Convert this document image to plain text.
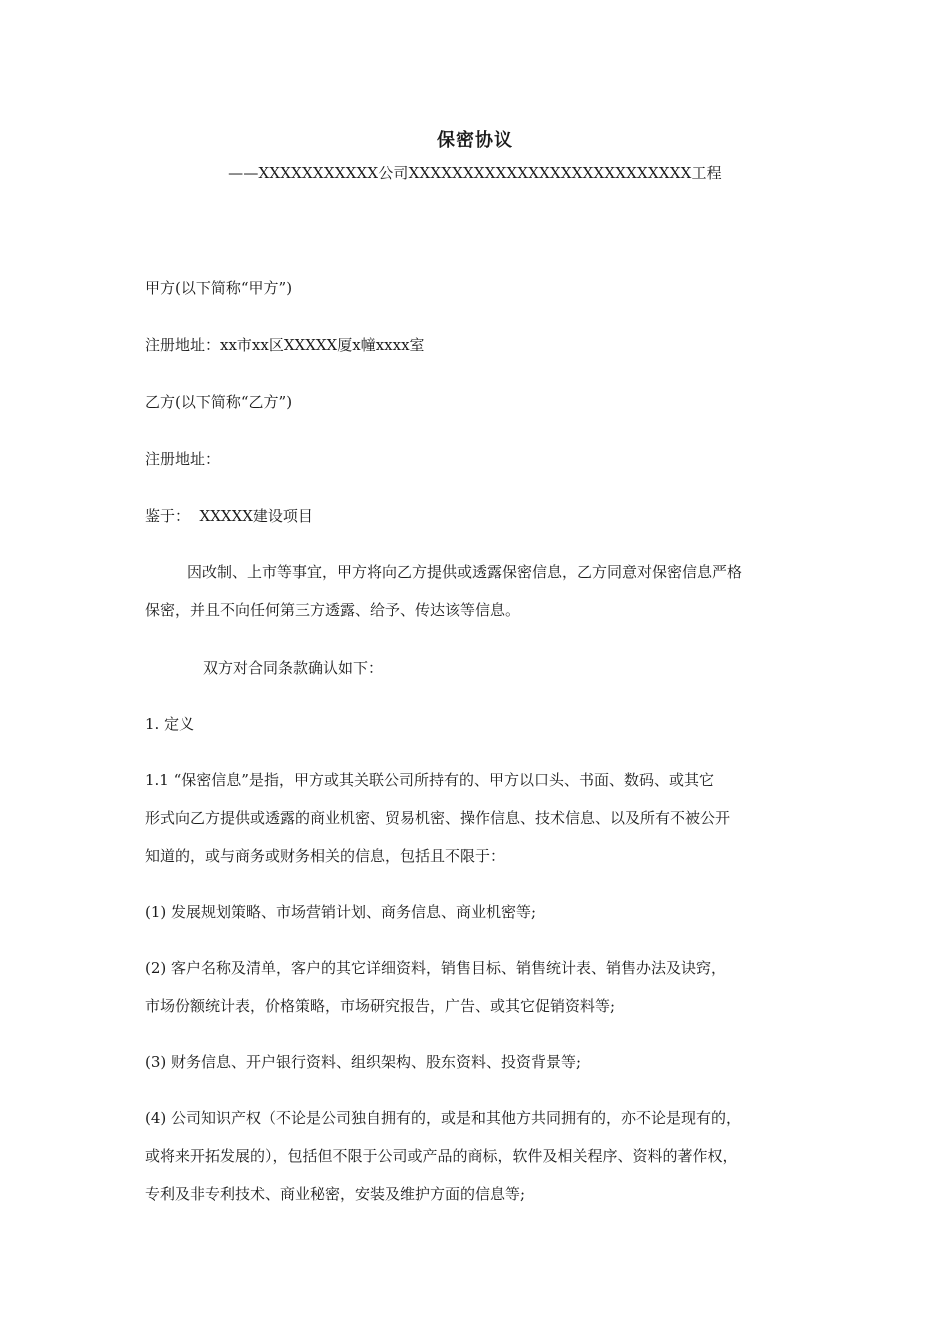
保密协议
——XXXXXXXXXXX公司XXXXXXXXXXXXXXXXXXXXXXXXXX工程
甲方(以下简称“甲方”)
注册地址：xx市xx区XXXXX厦x幢xxxx室
乙方(以下简称“乙方”)
注册地址：
鉴于：  XXXXX建设项目
因改制、上市等事宜，甲方将向乙方提供或透露保密信息，乙方同意对保密信息严格
保密，并且不向任何第三方透露、给予、传达该等信息。
双方对合同条款确认如下：
1. 定义
1.1 “保密信息”是指，甲方或其关联公司所持有的、甲方以口头、书面、数码、或其它
形式向乙方提供或透露的商业机密、贸易机密、操作信息、技术信息、以及所有不被公开
知道的，或与商务或财务相关的信息，包括且不限于：
(1) 发展规划策略、市场营销计划、商务信息、商业机密等;
(2) 客户名称及清单，客户的其它详细资料，销售目标、销售统计表、销售办法及诀窍，
市场份额统计表，价格策略，市场研究报告，广告、或其它促销资料等;
(3) 财务信息、开户银行资料、组织架构、股东资料、投资背景等;
(4) 公司知识产权（不论是公司独自拥有的，或是和其他方共同拥有的，亦不论是现有的，
或将来开拓发展的），包括但不限于公司或产品的商标，软件及相关程序、资料的著作权，
专利及非专利技术、商业秘密，安装及维护方面的信息等;
